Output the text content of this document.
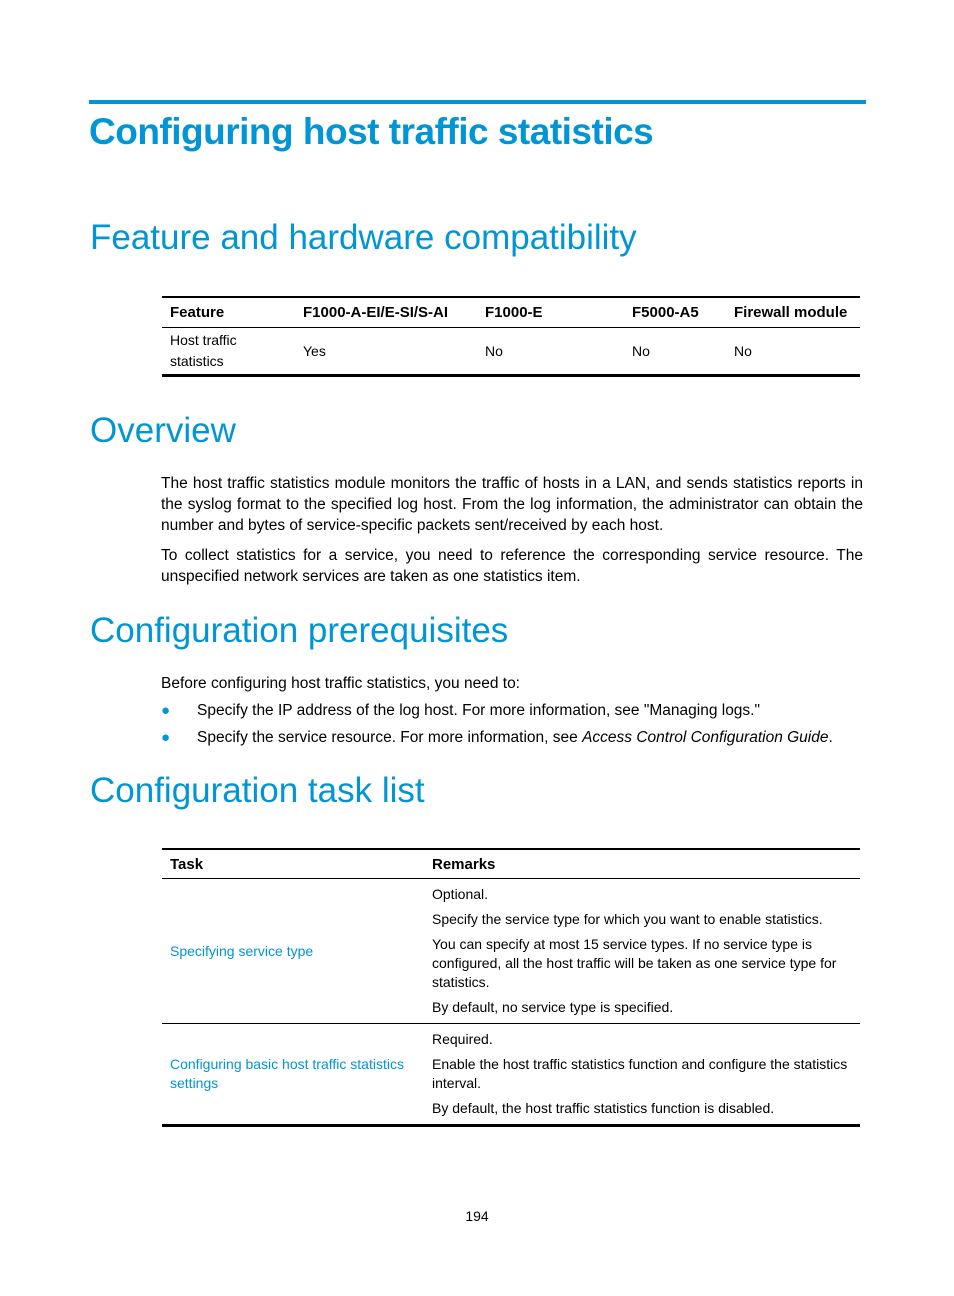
Configuring host traffic statistics
Feature and hardware compatibility
Feature	F1000-A-EI/E-SI/S-AI	F1000-E	F5000-A5	Firewall module
Host traffic statistics	Yes	No	No	No
Overview

The host traffic statistics module monitors the traffic of hosts in a LAN, and sends statistics reports in the syslog format to the specified log host. From the log information, the administrator can obtain the number and bytes of service-specific packets sent/received by each host.

To collect statistics for a service, you need to reference the corresponding service resource. The unspecified network services are taken as one statistics item.

Configuration prerequisites

Before configuring host traffic statistics, you need to:

● Specify the IP address of the log host. For more information, see "Managing logs."
● Specify the service resource. For more information, see Access Control Configuration Guide.
Configuration task list
Task	Remarks
Specifying service type	Optional.

Specify the service type for which you want to enable statistics.

You can specify at most 15 service types. If no service type is configured, all the host traffic will be taken as one service type for statistics.

By default, no service type is specified.

Configuring basic host traffic statistics settings	Required.

Enable the host traffic statistics function and configure the statistics interval.

By default, the host traffic statistics function is disabled.

194
